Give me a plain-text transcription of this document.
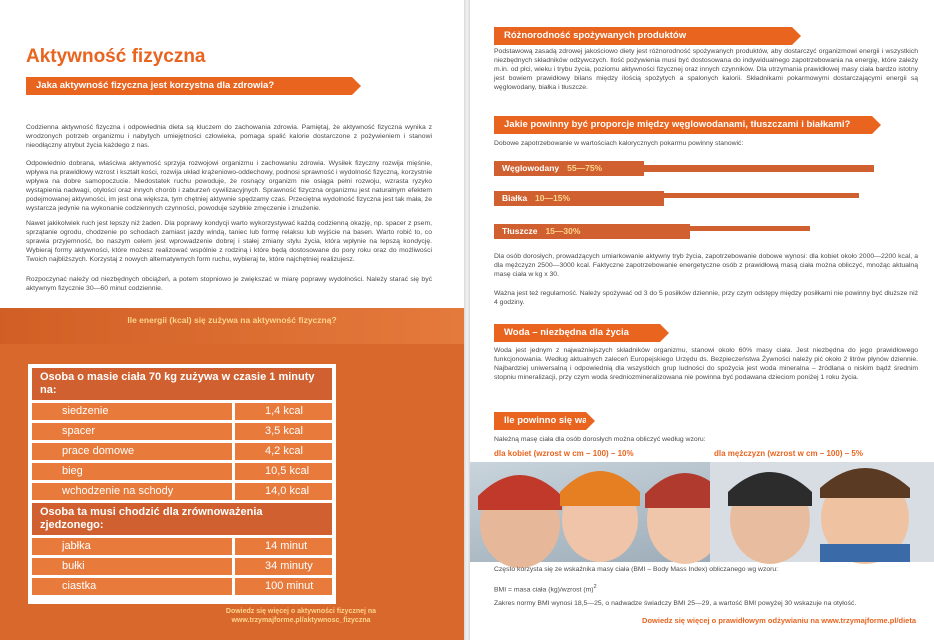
Aktywność fizyczna
Jaka aktywność fizyczna jest korzystna dla zdrowia?
Codzienna aktywność fizyczna i odpowiednia dieta są kluczem do zachowania zdrowia. Pamiętaj, że aktywność fizyczna wynika z wrodzonych potrzeb organizmu i nabytych umiejętności człowieka, pomaga spalić kalorie dostarczone z pożywieniem i stanowi nieodłączny atrybut życia każdego z nas.
Odpowiednio dobrana, właściwa aktywność sprzyja rozwojowi organizmu i zachowaniu zdrowia. Wysiłek fizyczny rozwija mięśnie, wpływa na prawidłowy wzrost i kształt kości, rozwija układ krążeniowo-oddechowy, podnosi sprawność i wydolność fizyczną, korzystnie wpływa na dobre samopoczucie. Niedostatek ruchu powoduje, że rosnący organizm nie osiąga pełni rozwoju, wzrasta ryzyko wystąpienia nadwagi, otyłości oraz innych chorób i zaburzeń cywilizacyjnych. Sprawność fizyczna organizmu jest naturalnym efektem podejmowanej aktywności, im jest ona większa, tym chętniej aktywnie spędzamy czas. Przeciętna wydolność fizyczna jest tak mała, że wystarcza jedynie na wykonanie codziennych czynności, powoduje szybkie zmęczenie i znużenie.
Nawet jakikolwiek ruch jest lepszy niż żaden. Dla poprawy kondycji warto wykorzystywać każdą codzienną okazję, np. spacer z psem, sprzątanie ogrodu, chodzenie po schodach zamiast jazdy windą, taniec lub formę relaksu lub wyjście na basen. Warto robić to, co sprawia przyjemność, bo naszym celem jest wprowadzenie dobrej i stałej zmiany stylu życia, która wpłynie na lepszą kondycję. Wybieraj formy aktywności, które możesz realizować wspólnie z rodziną i które będą dostosowane do pory roku oraz do możliwości Twoich najbliższych. Korzystaj z nowych alternatywnych form ruchu, wybieraj te, które najchętniej realizujesz.
Rozpoczynać należy od niezbędnych obciążeń, a potem stopniowo je zwiększać w miarę poprawy wydolności. Należy starać się być aktywnym fizycznie 30—60 minut codziennie.
Ile energii (kcal) się zużywa na aktywność fizyczną?
Osoba o masie ciała 70 kg zużywa w czasie 1 minuty na:
siedzenie	1,4 kcal
spacer	3,5 kcal
prace domowe	4,2 kcal
bieg	10,5 kcal
wchodzenie na schody	14,0 kcal
Osoba ta musi chodzić dla zrównoważenia zjedzonego:
jabłka	14 minut
bułki	34 minuty
ciastka	100 minut
Dowiedz się więcej o aktywności fizycznej na www.trzymajforme.pl/aktywnosc_fizyczna
Różnorodność spożywanych produktów
Podstawową zasadą zdrowej jakościowo diety jest różnorodność spożywanych produktów, aby dostarczyć organizmowi energii i wszystkich niezbędnych składników odżywczych. Ilość pożywienia musi być dostosowana do indywidualnego zapotrzebowania na energię, które zależy m.in. od płci, wieku i trybu życia, poziomu aktywności fizycznej oraz innych czynników. Dla utrzymania prawidłowej masy ciała bardzo istotny jest bowiem prawidłowy bilans między ilością spożytych a spalonych kalorii. Składnikami pokarmowymi dostarczającymi energii są węglowodany, białka i tłuszcze.
Jakie powinny być proporcje między węglowodanami, tłuszczami i białkami?
Dobowe zapotrzebowanie w wartościach kalorycznych pokarmu powinny stanowić:
Węglowodany 55—75%
Białka 10—15%
Tłuszcze 15—30%
Dla osób dorosłych, prowadzących umiarkowanie aktywny tryb życia, zapotrzebowanie dobowe wynosi: dla kobiet około 2000—2200 kcal, a dla mężczyzn 2500—3000 kcal. Faktyczne zapotrzebowanie energetyczne osób z prawidłową masą ciała można obliczyć, mnożąc aktualną masę ciała w kg x 30.
Ważna jest też regularność. Należy spożywać od 3 do 5 posiłków dziennie, przy czym odstępy między posiłkami nie powinny być dłuższe niż 4 godziny.
Woda – niezbędna dla życia
Woda jest jednym z najważniejszych składników organizmu, stanowi około 60% masy ciała. Jest niezbędna do jego prawidłowego funkcjonowania. Według aktualnych zaleceń Europejskiego Urzędu ds. Bezpieczeństwa Żywności należy pić około 2 litrów płynów dziennie. Najbardziej uniwersalną i odpowiednią dla wszystkich grup ludności do spożycia jest woda mineralna – źródlana o niskim bądź średnim stopniu mineralizacji, przy czym woda średniozmineralizowana nie powinna być podawana dzieciom poniżej 1 roku życia.
Ile powinno się ważyć?
Należną masę ciała dla osób dorosłych można obliczyć według wzoru:
dla kobiet (wzrost w cm – 100) – 10%	dla mężczyzn (wzrost w cm – 100) – 5%
Często korzysta się ze wskaźnika masy ciała (BMI – Body Mass Index) obliczanego wg wzoru:
BMI = masa ciała (kg)/wzrost $(m)^2$
Zakres normy BMI wynosi 18,5—25, o nadwadze świadczy BMI 25—29, a wartość BMI powyżej 30 wskazuje na otyłość.
Dowiedz się więcej o prawidłowym odżywianiu na www.trzymajforme.pl/dieta
